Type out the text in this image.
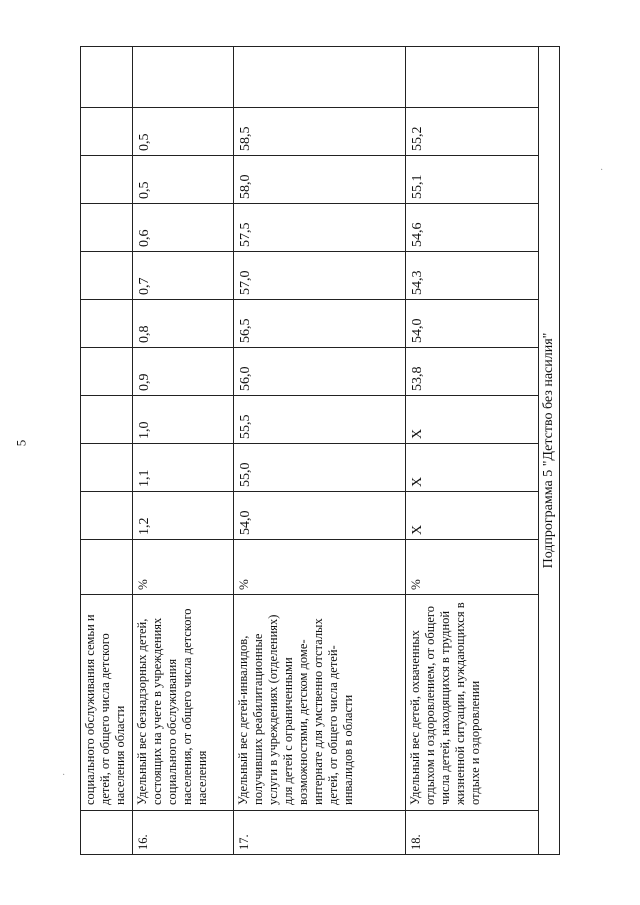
5
·
·
	социального обслуживания семьи и детей, от общего числа детского населения области											
16.	Удельный вес безнадзорных детей, состоящих на учете в учреждениях социального обслуживания населения, от общего числа детского населения	%	1,2	1,1	1,0	0,9	0,8	0,7	0,6	0,5	0,5	
17.	Удельный вес детей-инвалидов, получивших реабилитационные услуги в учреждениях (отделениях) для детей с ограниченными возможностями, детском доме-интернате для умственно отсталых детей, от общего числа детей-инвалидов в области	%	54,0	55,0	55,5	56,0	56,5	57,0	57,5	58,0	58,5	
18.	Удельный вес детей, охваченных отдыхом и оздоровлением, от общего числа детей, находящихся в трудной жизненной ситуации, нуждающихся в отдыхе и оздоровлении	%	Х	Х	Х	53,8	54,0	54,3	54,6	55,1	55,2	
Подпрограмма 5 "Детство без насилия"												
